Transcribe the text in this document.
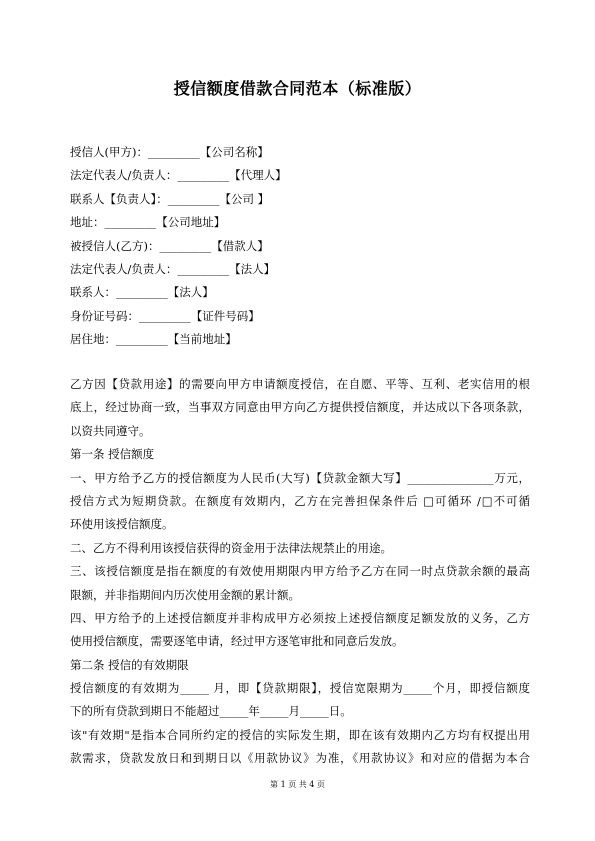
授信额度借款合同范本（标准版）
授信人(甲方)：_________【公司名称】
法定代表人/负责人：_________【代理人】
联系人【负责人】：_________【公司 】
地址：_________【公司地址】
被授信人(乙方)：_________【借款人】
法定代表人/负责人：_________【法人】
联系人：_________【法人】
身份证号码：_________【证件号码】
居住地：_________【当前地址】
乙方因【贷款用途】的需要向甲方申请额度授信，在自愿、平等、互利、老实信用的根
底上，经过协商一致，当事双方同意由甲方向乙方提供授信额度，并达成以下各项条款，
以资共同遵守。
第一条 授信额度
一、甲方给予乙方的授信额度为人民币(大写)【贷款金额大写】_______________万元，
授信方式为短期贷款。在额度有效期内，乙方在完善担保条件后 □可循环 /□不可循
环使用该授信额度。
二、乙方不得利用该授信获得的资金用于法律法规禁止的用途。
三、该授信额度是指在额度的有效使用期限内甲方给予乙方在同一时点贷款余额的最高
限额，并非指期间内历次使用金额的累计额。
四、甲方给予的上述授信额度并非构成甲方必须按上述授信额度足额发放的义务，乙方
使用授信额度，需要逐笔申请，经过甲方逐笔审批和同意后发放。
第二条 授信的有效期限
授信额度的有效期为_____ 月，即【贷款期限】，授信宽限期为_____个月，即授信额度
下的所有贷款到期日不能超过_____年_____月_____日。
该"有效期"是指本合同所约定的授信的实际发生期，即在该有效期内乙方均有权提出用
款需求，贷款发放日和到期日以《用款协议》为准，《用款协议》和对应的借据为本合
第 1 页 共 4 页
